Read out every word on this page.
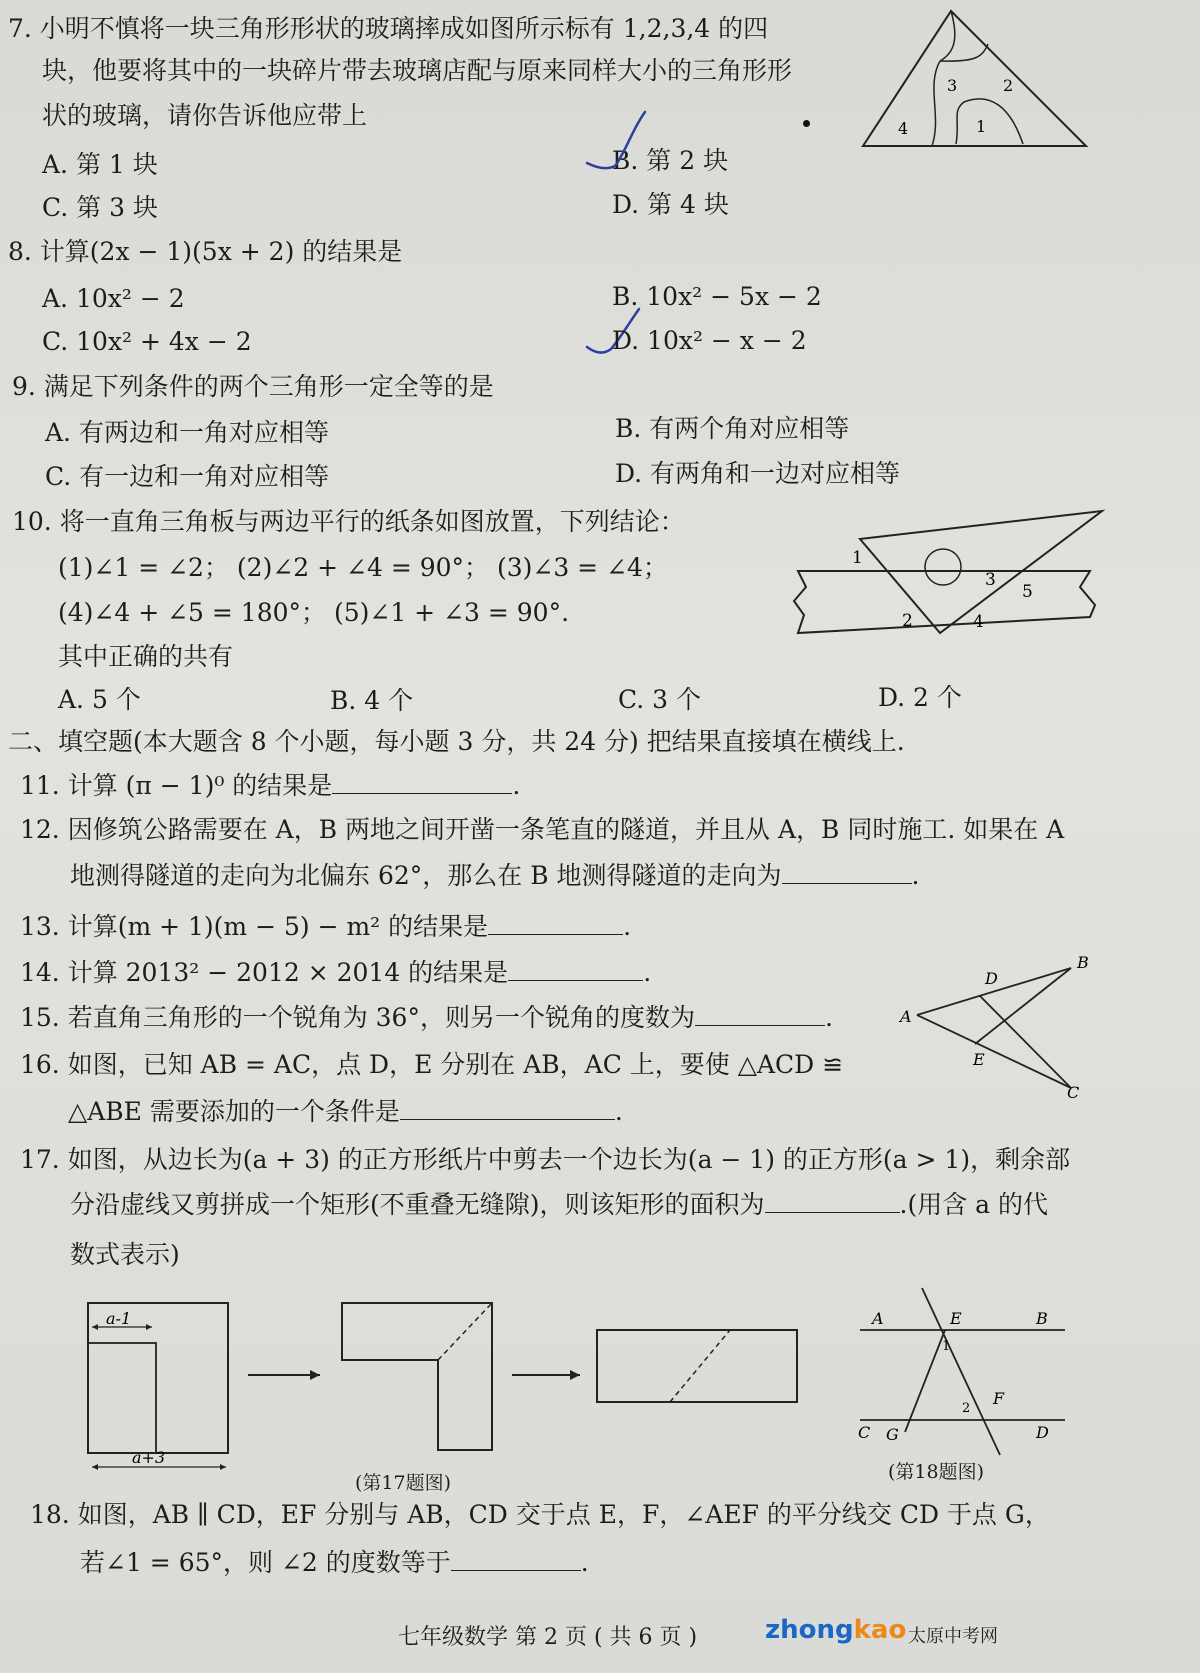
7. 小明不慎将一块三角形形状的玻璃摔成如图所示标有 1,2,3,4 的四
块，他要将其中的一块碎片带去玻璃店配与原来同样大小的三角形形
状的玻璃，请你告诉他应带上
A. 第 1 块	B. 第 2 块
C. 第 3 块	D. 第 4 块
4	1
3	2
8. 计算(2x − 1)(5x + 2) 的结果是
A. 10x² − 2	B. 10x² − 5x − 2
C. 10x² + 4x − 2	D. 10x² − x − 2
9. 满足下列条件的两个三角形一定全等的是
A. 有两边和一角对应相等	B. 有两个角对应相等
C. 有一边和一角对应相等	D. 有两角和一边对应相等
10. 将一直角三角板与两边平行的纸条如图放置，下列结论：
(1)∠1 = ∠2； (2)∠2 + ∠4 = 90°； (3)∠3 = ∠4；
(4)∠4 + ∠5 = 180°； (5)∠1 + ∠3 = 90°.
其中正确的共有
A. 5 个	B. 4 个	C. 3 个	D. 2 个
1
2
3
4
5
二、填空题(本大题含 8 个小题，每小题 3 分，共 24 分) 把结果直接填在横线上.
11. 计算 (π − 1)⁰ 的结果是	.
12. 因修筑公路需要在 A，B 两地之间开凿一条笔直的隧道，并且从 A，B 同时施工. 如果在 A
地测得隧道的走向为北偏东 62°，那么在 B 地测得隧道的走向为	.
13. 计算(m + 1)(m − 5) − m² 的结果是	.
14. 计算 2013² − 2012 × 2014 的结果是	.
15. 若直角三角形的一个锐角为 36°，则另一个锐角的度数为	.
16. 如图，已知 AB = AC，点 D，E 分别在 AB，AC 上，要使 △ACD ≌
△ABE 需要添加的一个条件是	.
A
B
C
D
E
17. 如图，从边长为(a + 3) 的正方形纸片中剪去一个边长为(a − 1) 的正方形(a > 1)，剩余部
分沿虚线又剪拼成一个矩形(不重叠无缝隙)，则该矩形的面积为	.(用含 a 的代
数式表示)
a-1
a+3
(第17题图)
A	E	B
1
2
F
C G	D
(第18题图)
18. 如图，AB ∥ CD，EF 分别与 AB，CD 交于点 E，F，∠AEF 的平分线交 CD 于点 G，
若∠1 = 65°，则 ∠2 的度数等于	.
七年级数学 第 2 页 ( 共 6 页 )	zhongkao 太原中考网
